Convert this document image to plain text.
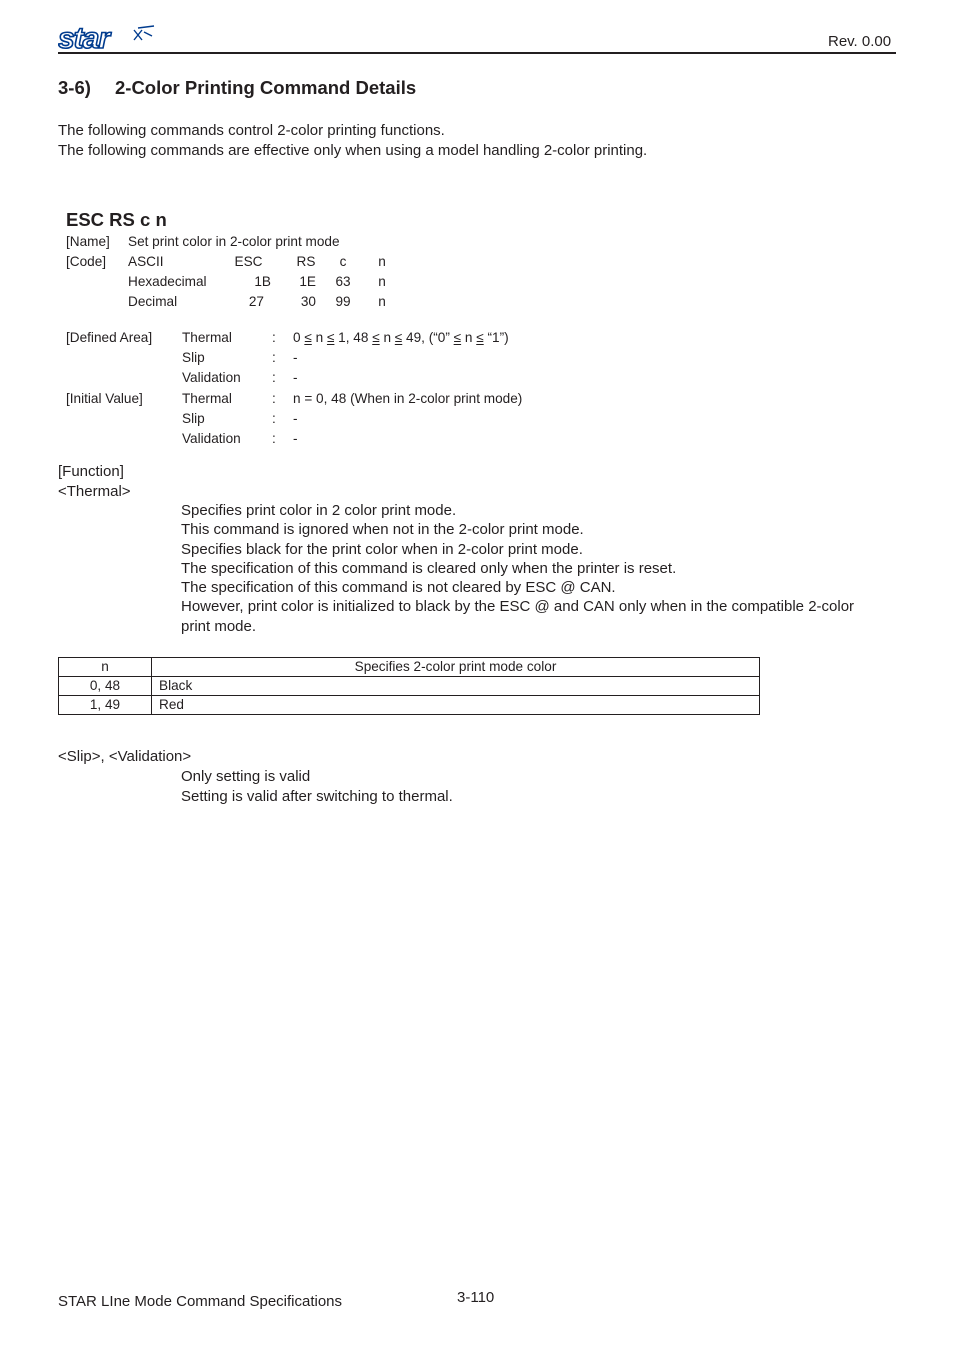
star	Rev. 0.00
3-6) 2-Color Printing Command Details
The following commands control 2-color printing functions.
The following commands are effective only when using a model handling 2-color printing.
ESC RS c n
[Name] Set print color in 2-color print mode
[Code] ASCII	ESC	RS	c	n
Hexadecimal	1B	1E	63	n
Decimal	27	30	99	n
[Defined Area] Thermal	: 0 ≤ n ≤ 1, 48 ≤ n ≤ 49, (“0” ≤ n ≤ “1”)
Slip	: -
Validation : -
[Initial Value]	Thermal	: n = 0, 48 (When in 2-color print mode)
Slip	: -
Validation : -
[Function]
<Thermal>
Specifies print color in 2 color print mode.
This command is ignored when not in the 2-color print mode.
Specifies black for the print color when in 2-color print mode.
The specification of this command is cleared only when the printer is reset.
The specification of this command is not cleared by ESC @ CAN.
However, print color is initialized to black by the ESC @ and CAN only when in the compatible 2-color print mode.
n	Specifies 2-color print mode color
0, 48	Black
1, 49	Red
<Slip>, <Validation>
Only setting is valid
Setting is valid after switching to thermal.
STAR LIne Mode Command Specifications	3-110
